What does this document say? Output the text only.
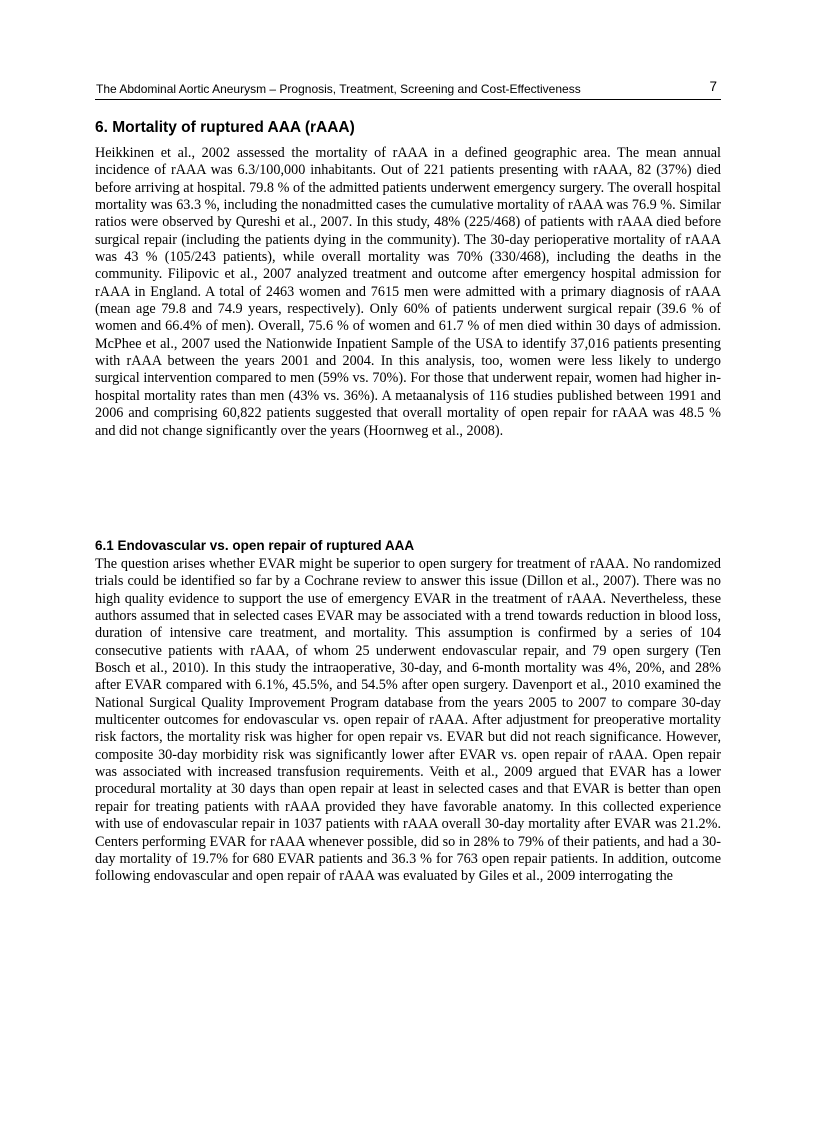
The Abdominal Aortic Aneurysm – Prognosis, Treatment, Screening and Cost-Effectiveness	7
6. Mortality of ruptured AAA (rAAA)

Heikkinen et al., 2002 assessed the mortality of rAAA in a defined geographic area. The mean annual incidence of rAAA was 6.3/100,000 inhabitants. Out of 221 patients presenting with rAAA, 82 (37%) died before arriving at hospital. 79.8 % of the admitted patients underwent emergency surgery. The overall hospital mortality was 63.3 %, including the nonadmitted cases the cumulative mortality of rAAA was 76.9 %. Similar ratios were observed by Qureshi et al., 2007. In this study, 48% (225/468) of patients with rAAA died before surgical repair (including the patients dying in the community). The 30-day perioperative mortality of rAAA was 43 % (105/243 patients), while overall mortality was 70% (330/468), including the deaths in the community. Filipovic et al., 2007 analyzed treatment and outcome after emergency hospital admission for rAAA in England. A total of 2463 women and 7615 men were admitted with a primary diagnosis of rAAA (mean age 79.8 and 74.9 years, respectively). Only 60% of patients underwent surgical repair (39.6 % of women and 66.4% of men). Overall, 75.6 % of women and 61.7 % of men died within 30 days of admission. McPhee et al., 2007 used the Nationwide Inpatient Sample of the USA to identify 37,016 patients presenting with rAAA between the years 2001 and 2004. In this analysis, too, women were less likely to undergo surgical intervention compared to men (59% vs. 70%). For those that underwent repair, women had higher in-hospital mortality rates than men (43% vs. 36%). A metaanalysis of 116 studies published between 1991 and 2006 and comprising 60,822 patients suggested that overall mortality of open repair for rAAA was 48.5 % and did not change significantly over the years (Hoornweg et al., 2008).

6.1 Endovascular vs. open repair of ruptured AAA

The question arises whether EVAR might be superior to open surgery for treatment of rAAA. No randomized trials could be identified so far by a Cochrane review to answer this issue (Dillon et al., 2007). There was no high quality evidence to support the use of emergency EVAR in the treatment of rAAA. Nevertheless, these authors assumed that in selected cases EVAR may be associated with a trend towards reduction in blood loss, duration of intensive care treatment, and mortality. This assumption is confirmed by a series of 104 consecutive patients with rAAA, of whom 25 underwent endovascular repair, and 79 open surgery (Ten Bosch et al., 2010). In this study the intraoperative, 30-day, and 6-month mortality was 4%, 20%, and 28% after EVAR compared with 6.1%, 45.5%, and 54.5% after open surgery. Davenport et al., 2010 examined the National Surgical Quality Improvement Program database from the years 2005 to 2007 to compare 30-day multicenter outcomes for endovascular vs. open repair of rAAA. After adjustment for preoperative mortality risk factors, the mortality risk was higher for open repair vs. EVAR but did not reach significance. However, composite 30-day morbidity risk was significantly lower after EVAR vs. open repair of rAAA. Open repair was associated with increased transfusion requirements. Veith et al., 2009 argued that EVAR has a lower procedural mortality at 30 days than open repair at least in selected cases and that EVAR is better than open repair for treating patients with rAAA provided they have favorable anatomy. In this collected experience with use of endovascular repair in 1037 patients with rAAA overall 30-day mortality after EVAR was 21.2%. Centers performing EVAR for rAAA whenever possible, did so in 28% to 79% of their patients, and had a 30-day mortality of 19.7% for 680 EVAR patients and 36.3 % for 763 open repair patients. In addition, outcome following endovascular and open repair of rAAA was evaluated by Giles et al., 2009 interrogating the
